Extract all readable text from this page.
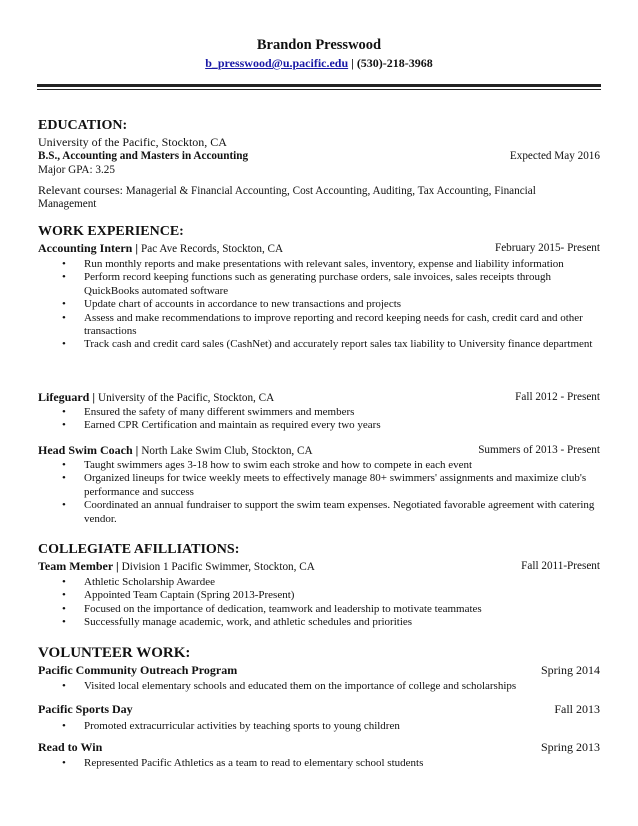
Brandon Presswood
b_presswood@u.pacific.edu | (530)-218-3968
EDUCATION:
University of the Pacific, Stockton, CA
B.S., Accounting and Masters in Accounting	Expected May 2016
Major GPA: 3.25
Relevant courses: Managerial & Financial Accounting, Cost Accounting, Auditing, Tax Accounting, Financial
Management
WORK EXPERIENCE:
Accounting Intern | Pac Ave Records, Stockton, CA	February 2015- Present
• Run monthly reports and make presentations with relevant sales, inventory, expense and liability information
• Perform record keeping functions such as generating purchase orders, sale invoices, sales receipts through QuickBooks automated software
• Update chart of accounts in accordance to new transactions and projects
• Assess and make recommendations to improve reporting and record keeping needs for cash, credit card and other transactions
• Track cash and credit card sales (CashNet) and accurately report sales tax liability to University finance department
Lifeguard | University of the Pacific, Stockton, CA	Fall 2012 - Present
• Ensured the safety of many different swimmers and members
• Earned CPR Certification and maintain as required every two years
Head Swim Coach | North Lake Swim Club, Stockton, CA	Summers of 2013 - Present
• Taught swimmers ages 3-18 how to swim each stroke and how to compete in each event
• Organized lineups for twice weekly meets to effectively manage 80+ swimmers' assignments and maximize club's performance and success
• Coordinated an annual fundraiser to support the swim team expenses. Negotiated favorable agreement with catering vendor.
COLLEGIATE AFILLIATIONS:
Team Member | Division 1 Pacific Swimmer, Stockton, CA	Fall 2011-Present
• Athletic Scholarship Awardee
• Appointed Team Captain (Spring 2013-Present)
• Focused on the importance of dedication, teamwork and leadership to motivate teammates
• Successfully manage academic, work, and athletic schedules and priorities
VOLUNTEER WORK:
Pacific Community Outreach Program	Spring 2014
• Visited local elementary schools and educated them on the importance of college and scholarships
Pacific Sports Day	Fall 2013
• Promoted extracurricular activities by teaching sports to young children
Read to Win	Spring 2013
• Represented Pacific Athletics as a team to read to elementary school students
